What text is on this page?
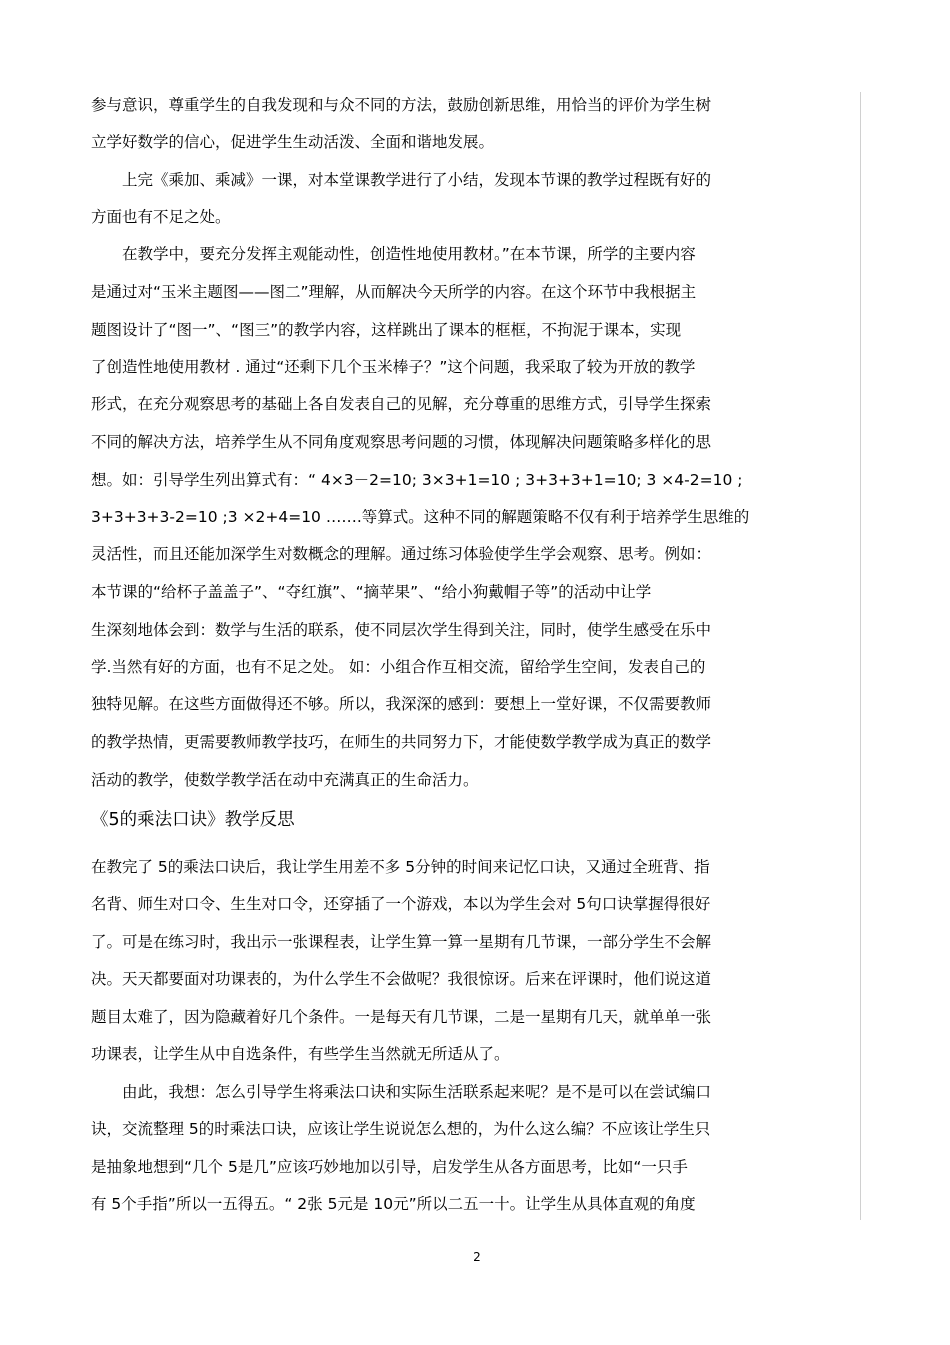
参与意识，尊重学生的自我发现和与众不同的方法，鼓励创新思维，用恰当的评价为学生树
立学好数学的信心，促进学生生动活泼、全面和谐地发展。
　　上完《乘加、乘减》一课，对本堂课教学进行了小结，发现本节课的教学过程既有好的
方面也有不足之处。
　　在教学中，要充分发挥主观能动性，创造性地使用教材。”在本节课，所学的主要内容
是通过对“玉米主题图——图二”理解，从而解决今天所学的内容。在这个环节中我根据主
题图设计了“图一”、“图三”的教学内容，这样跳出了课本的框框，不拘泥于课本，实现
了创造性地使用教材 . 通过“还剩下几个玉米棒子？”这个问题，我采取了较为开放的教学
形式，在充分观察思考的基础上各自发表自己的见解，充分尊重的思维方式，引导学生探索
不同的解决方法，培养学生从不同角度观察思考问题的习惯，体现解决问题策略多样化的思
想。如：引导学生列出算式有：“ 4×3－2=10; 3×3+1=10 ; 3+3+3+1=10; 3 ×4-2=10 ;
3+3+3+3-2=10 ;3 ×2+4=10 …….等算式。这种不同的解题策略不仅有利于培养学生思维的
灵活性，而且还能加深学生对数概念的理解。通过练习体验使学生学会观察、思考。例如：
本节课的“给杯子盖盖子”、“夺红旗”、“摘苹果”、“给小狗戴帽子等”的活动中让学
生深刻地体会到：数学与生活的联系，使不同层次学生得到关注，同时，使学生感受在乐中
学.当然有好的方面，也有不足之处。 如：小组合作互相交流，留给学生空间，发表自己的
独特见解。在这些方面做得还不够。所以，我深深的感到：要想上一堂好课，不仅需要教师
的教学热情，更需要教师教学技巧，在师生的共同努力下，才能使数学教学成为真正的数学
活动的教学，使数学教学活在动中充满真正的生命活力。
《5的乘法口诀》教学反思
在教完了 5的乘法口诀后，我让学生用差不多 5分钟的时间来记忆口诀，又通过全班背、指
名背、师生对口令、生生对口令，还穿插了一个游戏，本以为学生会对 5句口诀掌握得很好
了。可是在练习时，我出示一张课程表，让学生算一算一星期有几节课，一部分学生不会解
决。天天都要面对功课表的，为什么学生不会做呢？我很惊讶。后来在评课时，他们说这道
题目太难了，因为隐藏着好几个条件。一是每天有几节课，二是一星期有几天，就单单一张
功课表，让学生从中自选条件，有些学生当然就无所适从了。
　　由此，我想：怎么引导学生将乘法口诀和实际生活联系起来呢？是不是可以在尝试编口
诀，交流整理 5的时乘法口诀，应该让学生说说怎么想的，为什么这么编？不应该让学生只
是抽象地想到“几个 5是几”应该巧妙地加以引导，启发学生从各方面思考，比如“一只手
有 5个手指”所以一五得五。“ 2张 5元是 10元”所以二五一十。让学生从具体直观的角度
2
